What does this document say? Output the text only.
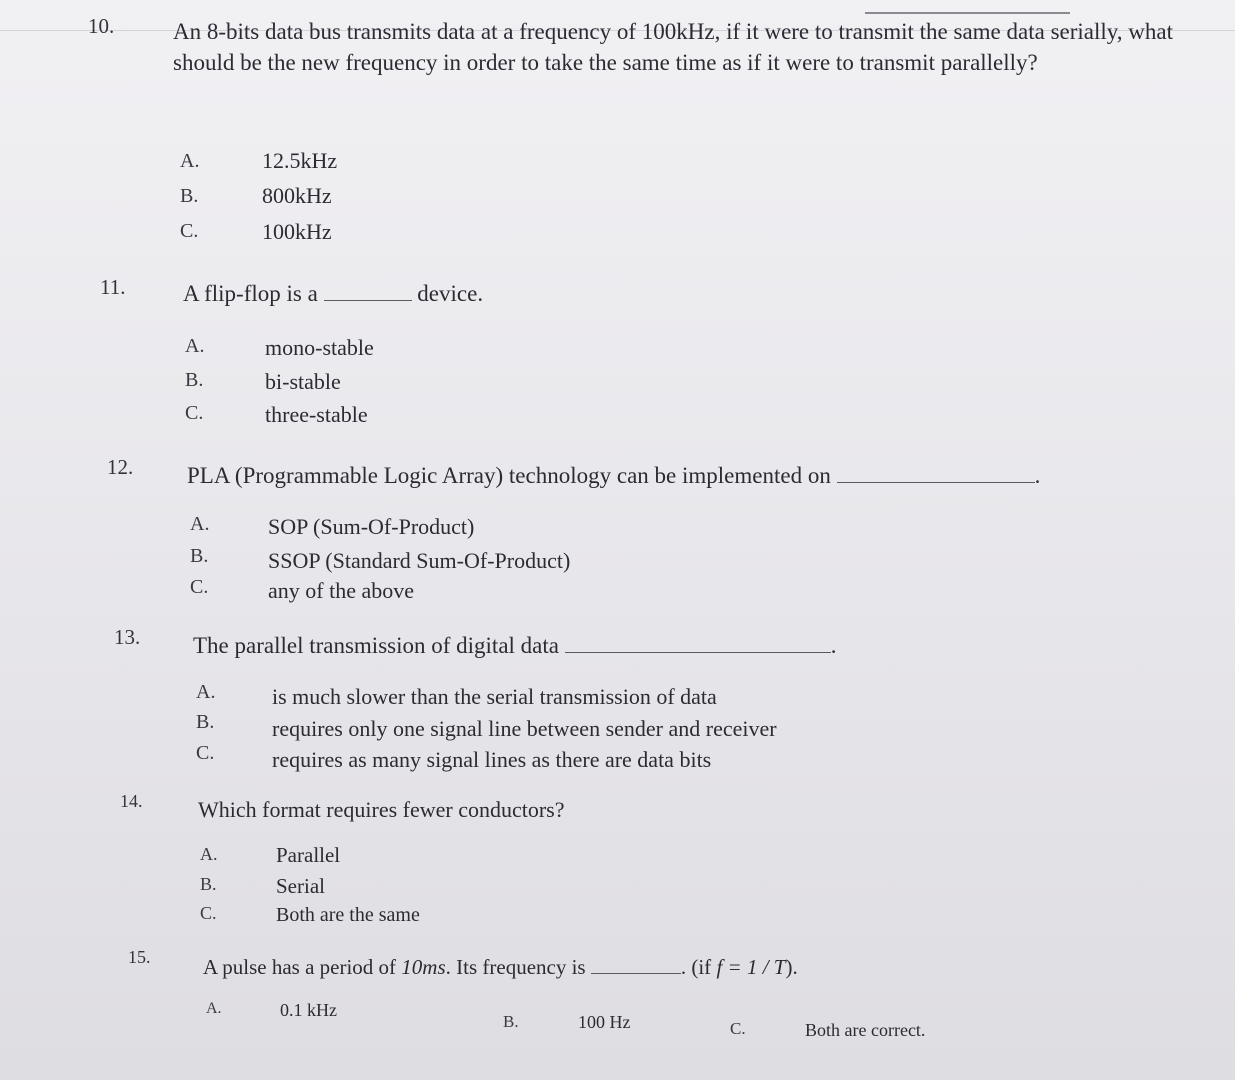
10.	An 8-bits data bus transmits data at a frequency of 100kHz, if it were to transmit the same data serially, what should be the new frequency in order to take the same time as if it were to transmit parallelly?
A.	12.5kHz
B.	800kHz
C.	100kHz
11.	A flip-flop is a	device.
A.	mono-stable
B.	bi-stable
C.	three-stable
12. PLA (Programmable Logic Array) technology can be implemented on	.
A.	SOP (Sum-Of-Product)
B.	SSOP (Standard Sum-Of-Product)
C.	any of the above
13. The parallel transmission of digital data	.
A.	is much slower than the serial transmission of data
B.	requires only one signal line between sender and receiver
C.	requires as many signal lines as there are data bits
14.	Which format requires fewer conductors?
A.	Parallel
B.	Serial
C.	Both are the same
15.	A pulse has a period of 10ms. Its frequency is	. (if f = 1 / T).
A.	0.1 kHz
B.	100 Hz	C.	Both are correct.
